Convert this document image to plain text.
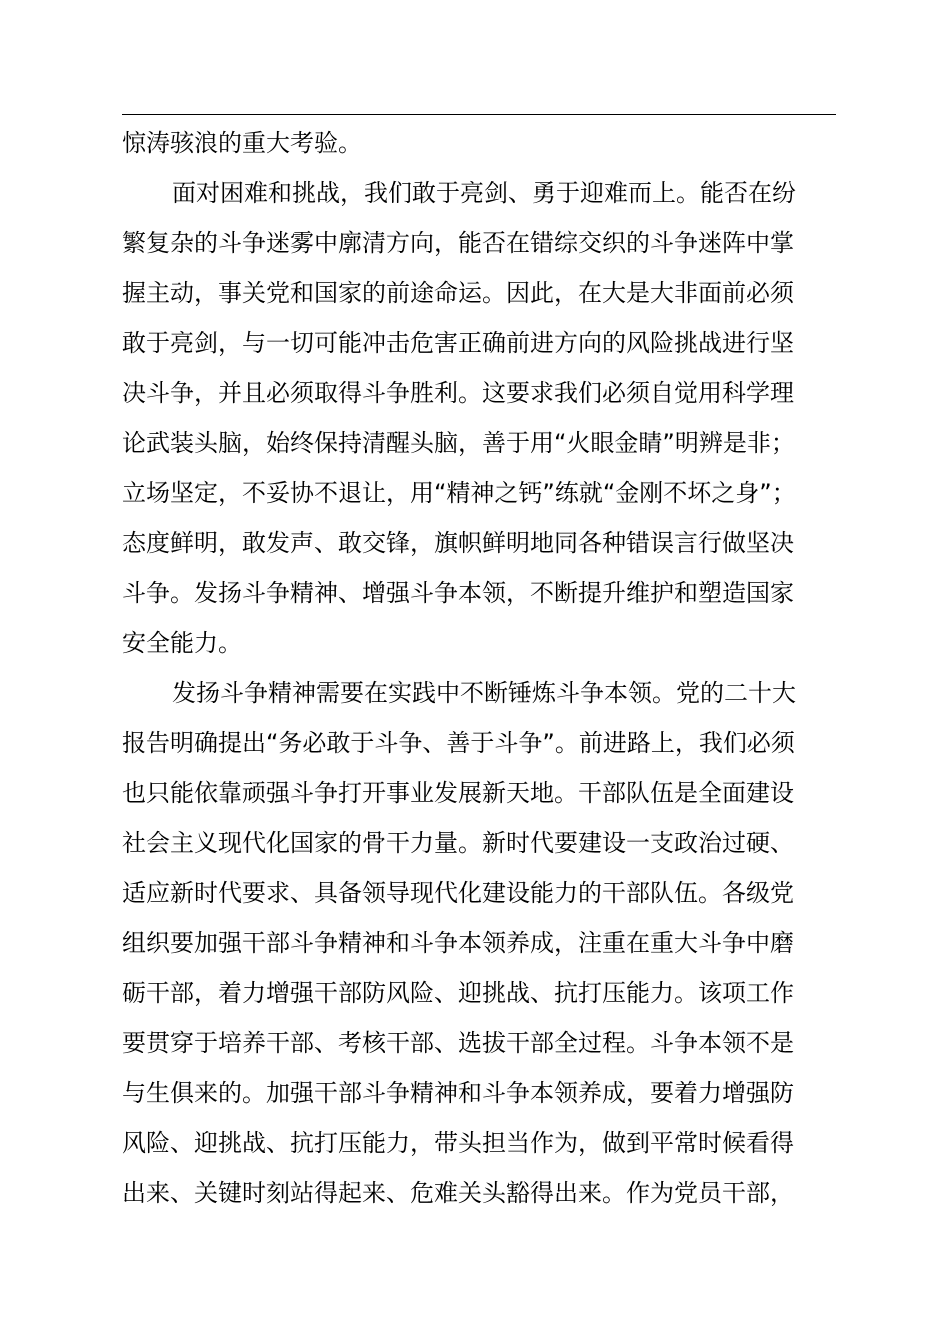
惊涛骇浪的重大考验。
面对困难和挑战，我们敢于亮剑、勇于迎难而上。能否在纷
繁复杂的斗争迷雾中廓清方向，能否在错综交织的斗争迷阵中掌
握主动，事关党和国家的前途命运。因此，在大是大非面前必须
敢于亮剑，与一切可能冲击危害正确前进方向的风险挑战进行坚
决斗争，并且必须取得斗争胜利。这要求我们必须自觉用科学理
论武装头脑，始终保持清醒头脑，善于用“火眼金睛”明辨是非；
立场坚定，不妥协不退让，用“精神之钙”练就“金刚不坏之身”；
态度鲜明，敢发声、敢交锋，旗帜鲜明地同各种错误言行做坚决
斗争。发扬斗争精神、增强斗争本领，不断提升维护和塑造国家
安全能力。
发扬斗争精神需要在实践中不断锤炼斗争本领。党的二十大
报告明确提出“务必敢于斗争、善于斗争”。前进路上，我们必须
也只能依靠顽强斗争打开事业发展新天地。干部队伍是全面建设
社会主义现代化国家的骨干力量。新时代要建设一支政治过硬、
适应新时代要求、具备领导现代化建设能力的干部队伍。各级党
组织要加强干部斗争精神和斗争本领养成，注重在重大斗争中磨
砺干部，着力增强干部防风险、迎挑战、抗打压能力。该项工作
要贯穿于培养干部、考核干部、选拔干部全过程。斗争本领不是
与生俱来的。加强干部斗争精神和斗争本领养成，要着力增强防
风险、迎挑战、抗打压能力，带头担当作为，做到平常时候看得
出来、关键时刻站得起来、危难关头豁得出来。作为党员干部，
